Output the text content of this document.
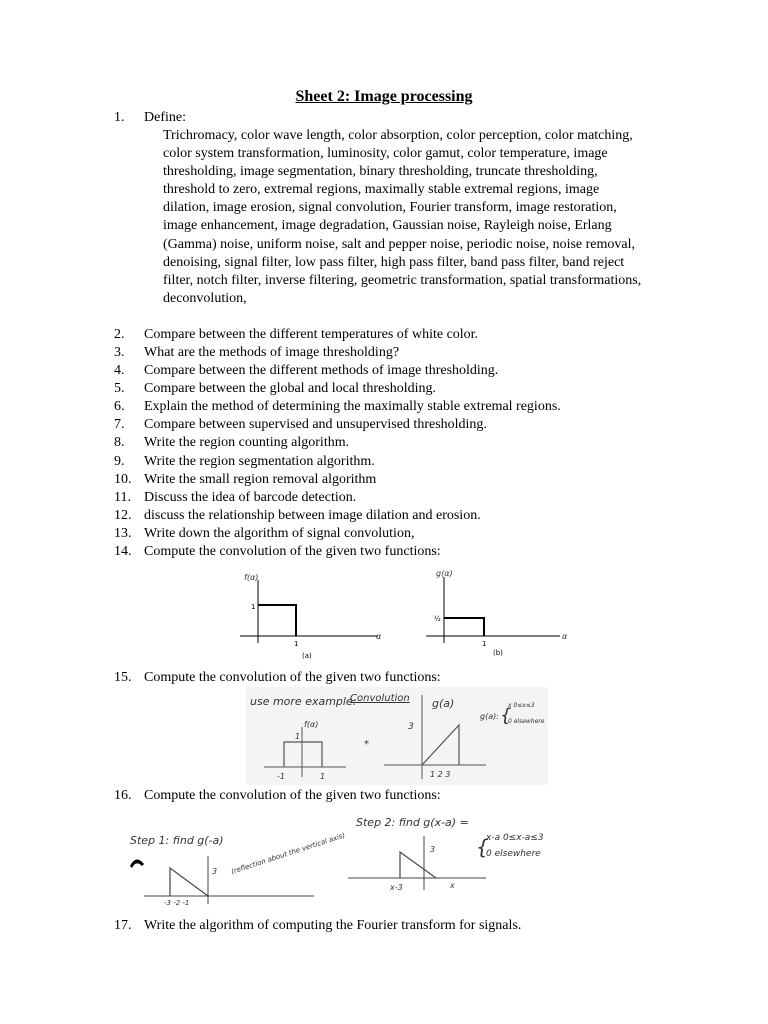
Sheet 2: Image processing
1. Define:
Trichromacy, color wave length, color absorption, color perception, color matching, color system transformation, luminosity, color gamut, color temperature, image thresholding, image segmentation, binary thresholding, truncate thresholding, threshold to zero, extremal regions, maximally stable extremal regions, image dilation, image erosion, signal convolution, Fourier transform, image restoration, image enhancement, image degradation, Gaussian noise, Rayleigh noise, Erlang (Gamma) noise, uniform noise, salt and pepper noise, periodic noise, noise removal, denoising, signal filter, low pass filter, high pass filter, band pass filter, band reject filter, notch filter, inverse filtering, geometric transformation, spatial transformations, deconvolution,
2. Compare between the different temperatures of white color.
3. What are the methods of image thresholding?
4. Compare between the different methods of image thresholding.
5. Compare between the global and local thresholding.
6. Explain the method of determining the maximally stable extremal regions.
7. Compare between supervised and unsupervised thresholding.
8. Write the region counting algorithm.
9. Write the region segmentation algorithm.
10. Write the small region removal algorithm
11. Discuss the idea of barcode detection.
12. discuss the relationship between image dilation and erosion.
13. Write down the algorithm of signal convolution,
14. Compute the convolution of the given two functions:
f(α)
1
1
α
(a)
g(α)
½
1
α
(b)
15. Compute the convolution of the given two functions:
use more example:
Convolution
f(α)
1
-1	1
*
g(a)
3
1 2 3
g(a):
x 0≤x≤3
0 elsewhere
{
16. Compute the convolution of the given two functions:
Step 1: find g(-a)
3
-3 -2 -1
(reflection about the vertical axis)
Step 2: find g(x-a) =
3
x-3	x
{
x-a 0≤x-a≤3
0 elsewhere
17. Write the algorithm of computing the Fourier transform for signals.
